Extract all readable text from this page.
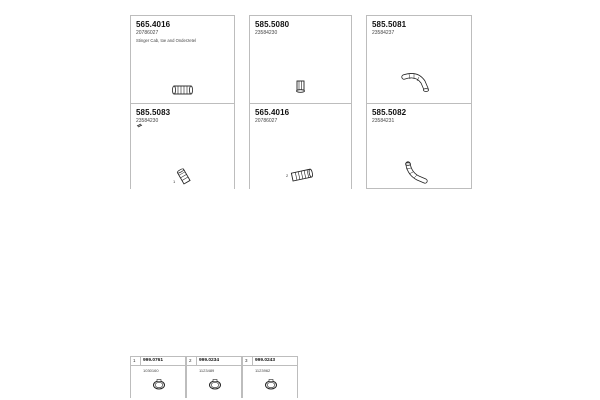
565.4016
20786027
Stinger Cab, toe and Onderzetel
585.5080
23584230
585.5081
23584237
585.5083
23584230
1
565.4016
20786027
2
585.5082
23584231
1 999.0761
1030160
2 999.0234
1123489
3 999.0243
1123962
